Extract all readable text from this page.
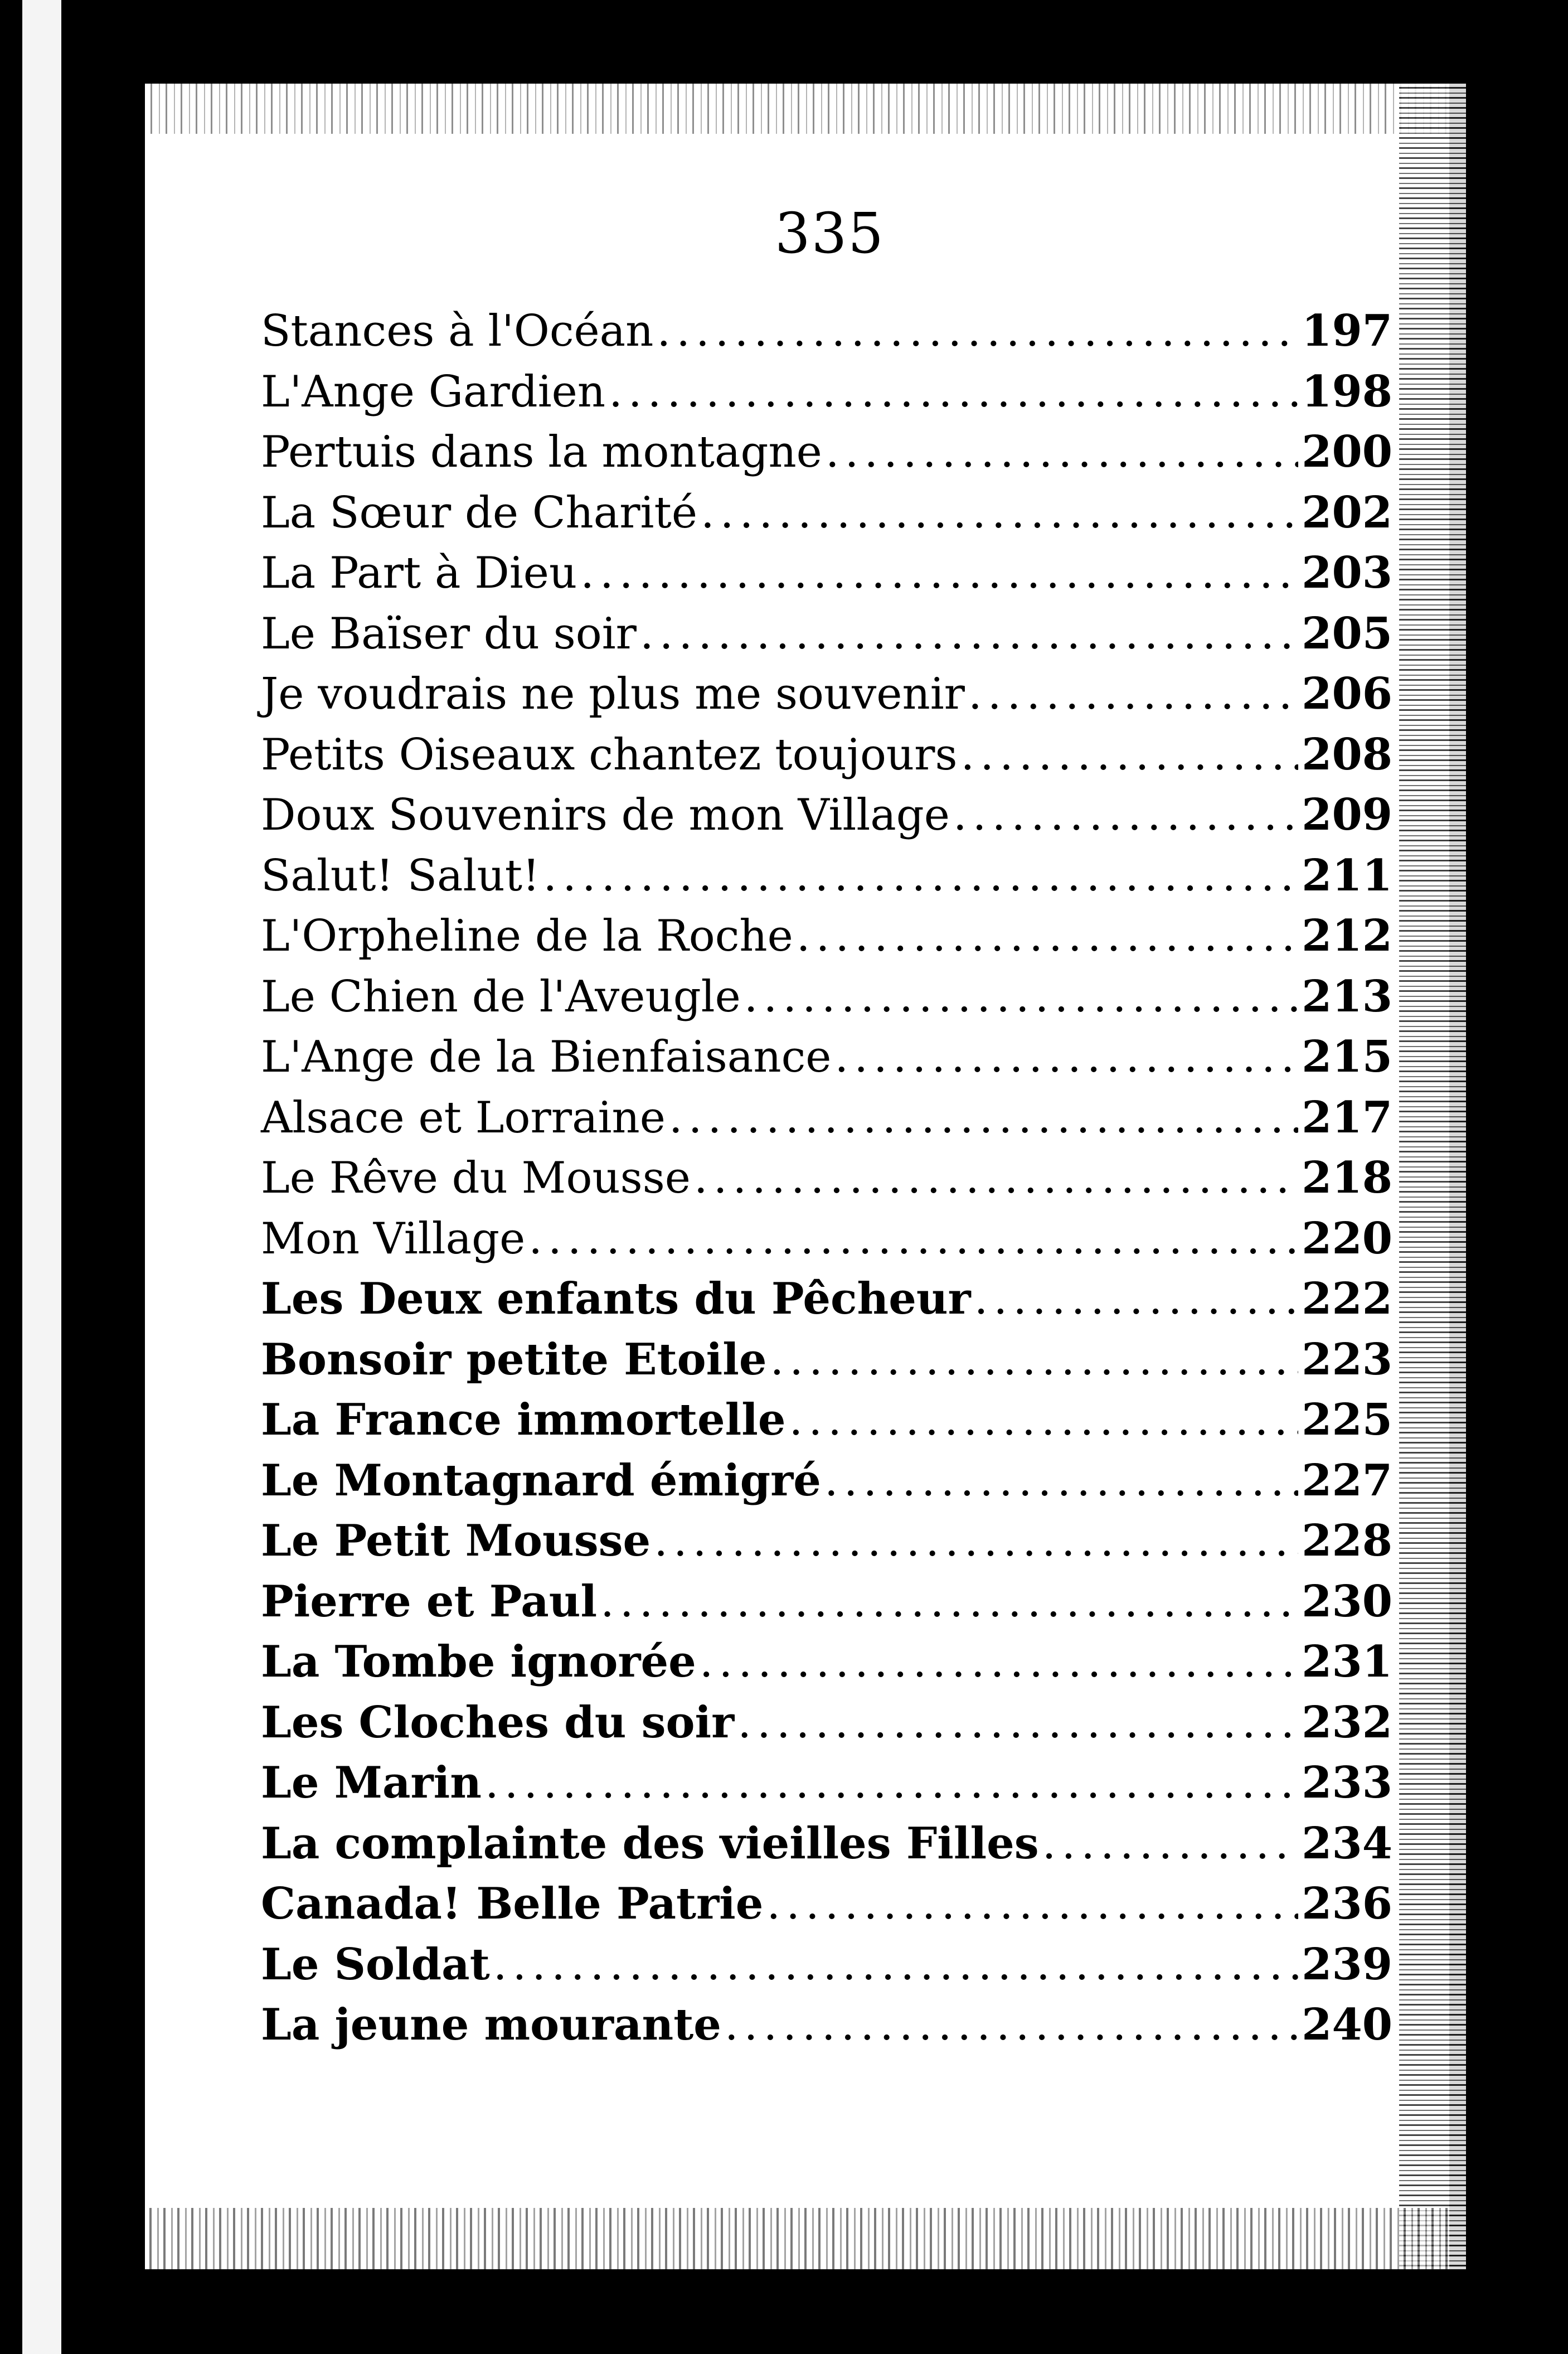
335
Stances à l'Océan .....	197
L'Ange Gardien .....	198
Pertuis dans la montagne .....	200
La Sœur de Charité .....	202
La Part à Dieu .....	203
Le Baïser du soir .....	205
Je voudrais ne plus me souvenir .....	206
Petits Oiseaux chantez toujours .....	208
Doux Souvenirs de mon Village .....	209
Salut! Salut! .....	211
L'Orpheline de la Roche .....	212
Le Chien de l'Aveugle .....	213
L'Ange de la Bienfaisance .....	215
Alsace et Lorraine .....	217
Le Rêve du Mousse .....	218
Mon Village .....	220
Les Deux enfants du Pêcheur .....	222
Bonsoir petite Etoile .....	223
La France immortelle .....	225
Le Montagnard émigré .....	227
Le Petit Mousse .....	228
Pierre et Paul .....	230
La Tombe ignorée .....	231
Les Cloches du soir .....	232
Le Marin .....	233
La complainte des vieilles Filles .....	234
Canada! Belle Patrie .....	236
Le Soldat .....	239
La jeune mourante .....	240
